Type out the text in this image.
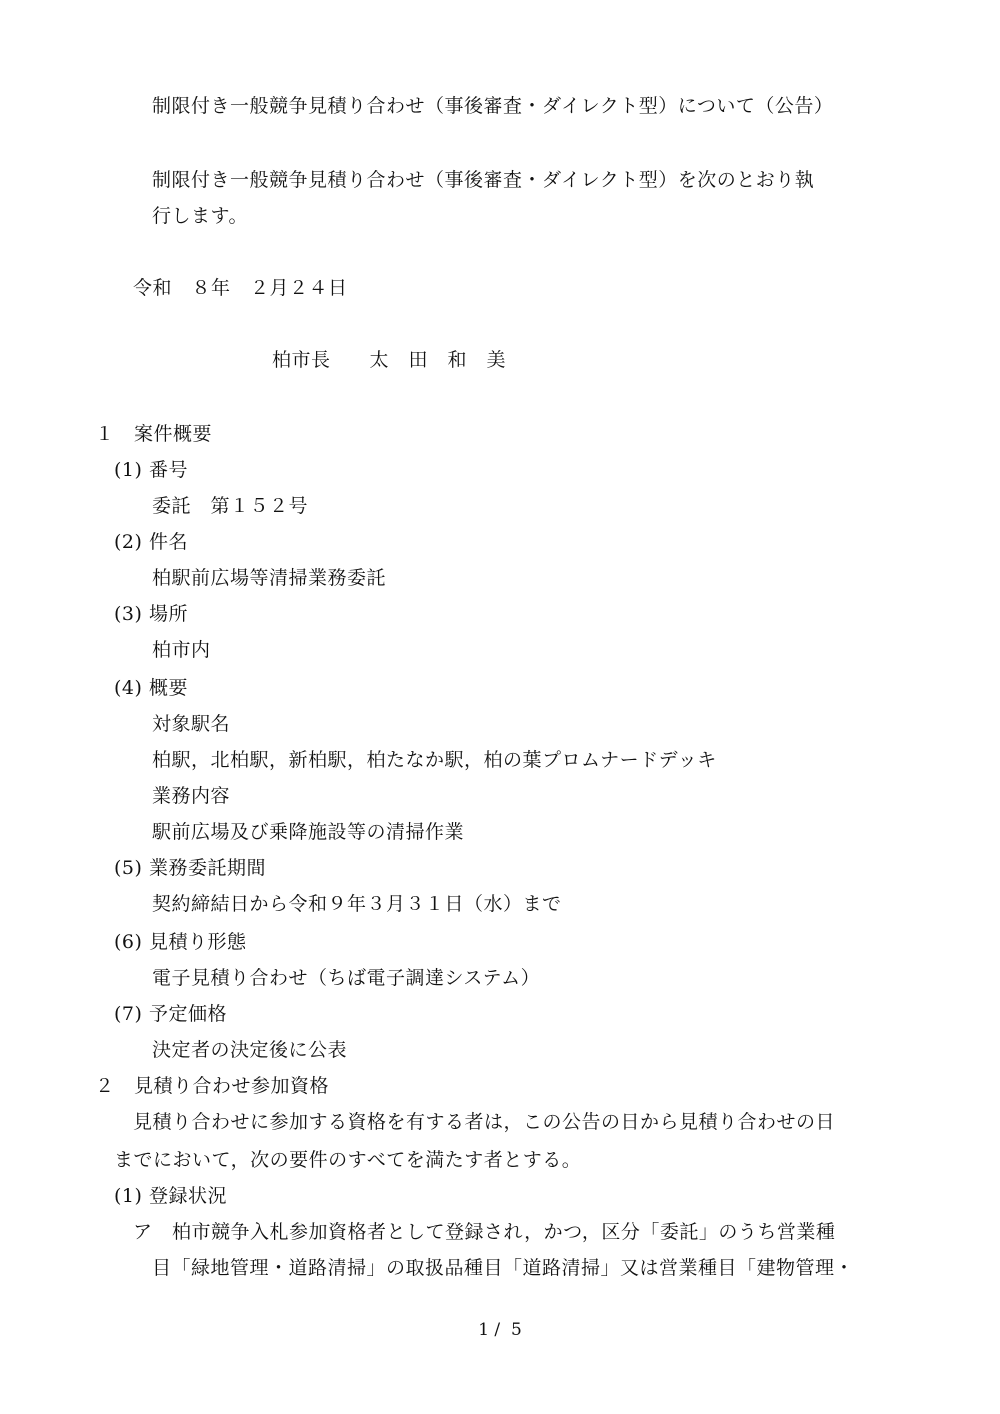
制限付き一般競争見積り合わせ（事後審査・ダイレクト型）について（公告）
制限付き一般競争見積り合わせ（事後審査・ダイレクト型）を次のとおり執
行します。
令和　８年　２月２４日
柏市長　　太　田　和　美
１　案件概要
(1) 番号
委託　第１５２号
(2) 件名
柏駅前広場等清掃業務委託
(3) 場所
柏市内
(4) 概要
対象駅名
柏駅，北柏駅，新柏駅，柏たなか駅，柏の葉プロムナードデッキ
業務内容
駅前広場及び乗降施設等の清掃作業
(5) 業務委託期間
契約締結日から令和９年３月３１日（水）まで
(6) 見積り形態
電子見積り合わせ（ちば電子調達システム）
(7) 予定価格
決定者の決定後に公表
２　見積り合わせ参加資格
見積り合わせに参加する資格を有する者は，この公告の日から見積り合わせの日
までにおいて，次の要件のすべてを満たす者とする。
(1) 登録状況
ア　柏市競争入札参加資格者として登録され，かつ，区分「委託」のうち営業種
目「緑地管理・道路清掃」の取扱品種目「道路清掃」又は営業種目「建物管理・
1 /  5
